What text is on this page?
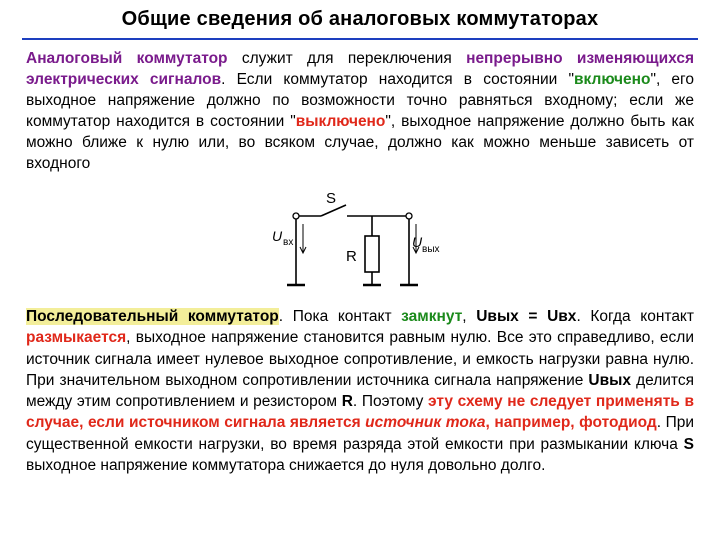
Общие сведения об аналоговых коммутаторах
Аналоговый коммутатор служит для переключения непрерывно изменяющихся электрических сигналов. Если коммутатор находится в состоянии "включено", его выходное напряжение должно по возможности точно равняться входному; если же коммутатор находится в состоянии "выключено", выходное напряжение должно быть как можно ближе к нулю или, во всяком случае, должно как можно меньше зависеть от входного
S
R
U вх	U вых
Последовательный коммутатор. Пока контакт замкнут, Uвых = Uвх. Когда контакт размыкается, выходное напряжение становится равным нулю. Все это справедливо, если источник сигнала имеет нулевое выходное сопротивление, и емкость нагрузки равна нулю. При значительном выходном сопротивлении источника сигнала напряжение Uвых делится между этим сопротивлением и резистором R. Поэтому эту схему не следует применять в случае, если источником сигнала является источник тока, например, фотодиод. При существенной емкости нагрузки, во время разряда этой емкости при размыкании ключа S выходное напряжение коммутатора снижается до нуля довольно долго.
